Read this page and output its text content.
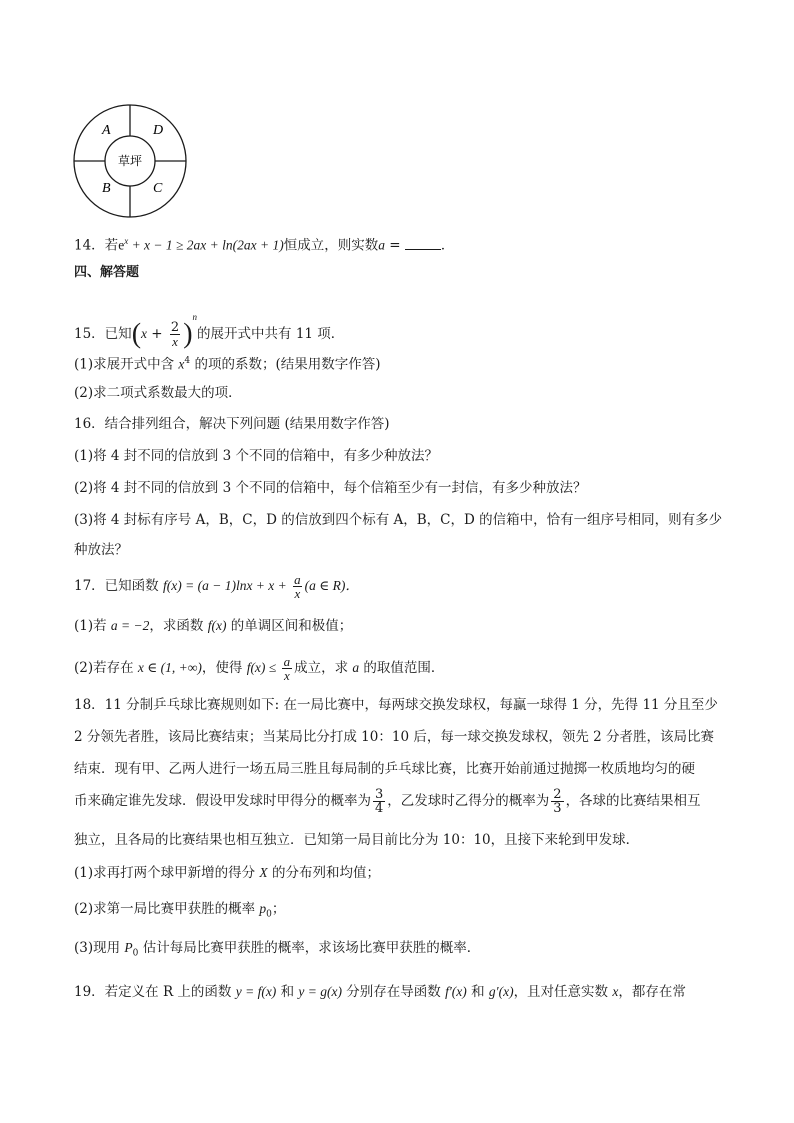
A	D
B	C
草坪
14．若$e^x + x - 1 \ge 2ax + \ln(2ax + 1)$恒成立，则实数a =	．
四、解答题
15．已知$(x + \frac{2}{x} )^n$的展开式中共有 11 项．
(1)求展开式中含 $x^4$ 的项的系数；(结果用数字作答)
(2)求二项式系数最大的项．
16．结合排列组合，解决下列问题 (结果用数字作答)
(1)将 4 封不同的信放到 3 个不同的信箱中，有多少种放法？
(2)将 4 封不同的信放到 3 个不同的信箱中，每个信箱至少有一封信，有多少种放法？
(3)将 4 封标有序号 A，B，C，D 的信放到四个标有 A，B，C，D 的信箱中，恰有一组序号相同，则有多少
种放法？
17．已知函数 $f(x) = (a - 1)\ln x + x + \frac{a}{x} (a$ ∈ R)．
(1)若 a = −2，求函数 f(x) 的单调区间和极值；
(2)若存在 x ∈ (1, +∞)，使得 $f(x) \le \frac{a}{x}$ 成立，求 a 的取值范围．
18．11 分制乒乓球比赛规则如下: 在一局比赛中，每两球交换发球权，每赢一球得 1 分，先得 11 分且至少
2 分领先者胜，该局比赛结束；当某局比分打成 10：10 后，每一球交换发球权，领先 2 分者胜，该局比赛
结束．现有甲、乙两人进行一场五局三胜且每局制的乒乓球比赛，比赛开始前通过抛掷一枚质地均匀的硬
币来确定谁先发球．假设甲发球时甲得分的概率为 $\frac{3}{4}$ ，乙发球时乙得分的概率为 $\frac{2}{3}$ ，各球的比赛结果相互
独立，且各局的比赛结果也相互独立．已知第一局目前比分为 10：10，且接下来轮到甲发球．
(1)求再打两个球甲新增的得分 X 的分布列和均值；
(2)求第一局比赛甲获胜的概率 $p_0$；
(3)现用 $P_0$ 估计每局比赛甲获胜的概率，求该场比赛甲获胜的概率．
19．若定义在 R 上的函数 y = f(x) 和 y = g(x) 分别存在导函数 f′(x) 和 g′(x)，且对任意实数 x，都存在常
